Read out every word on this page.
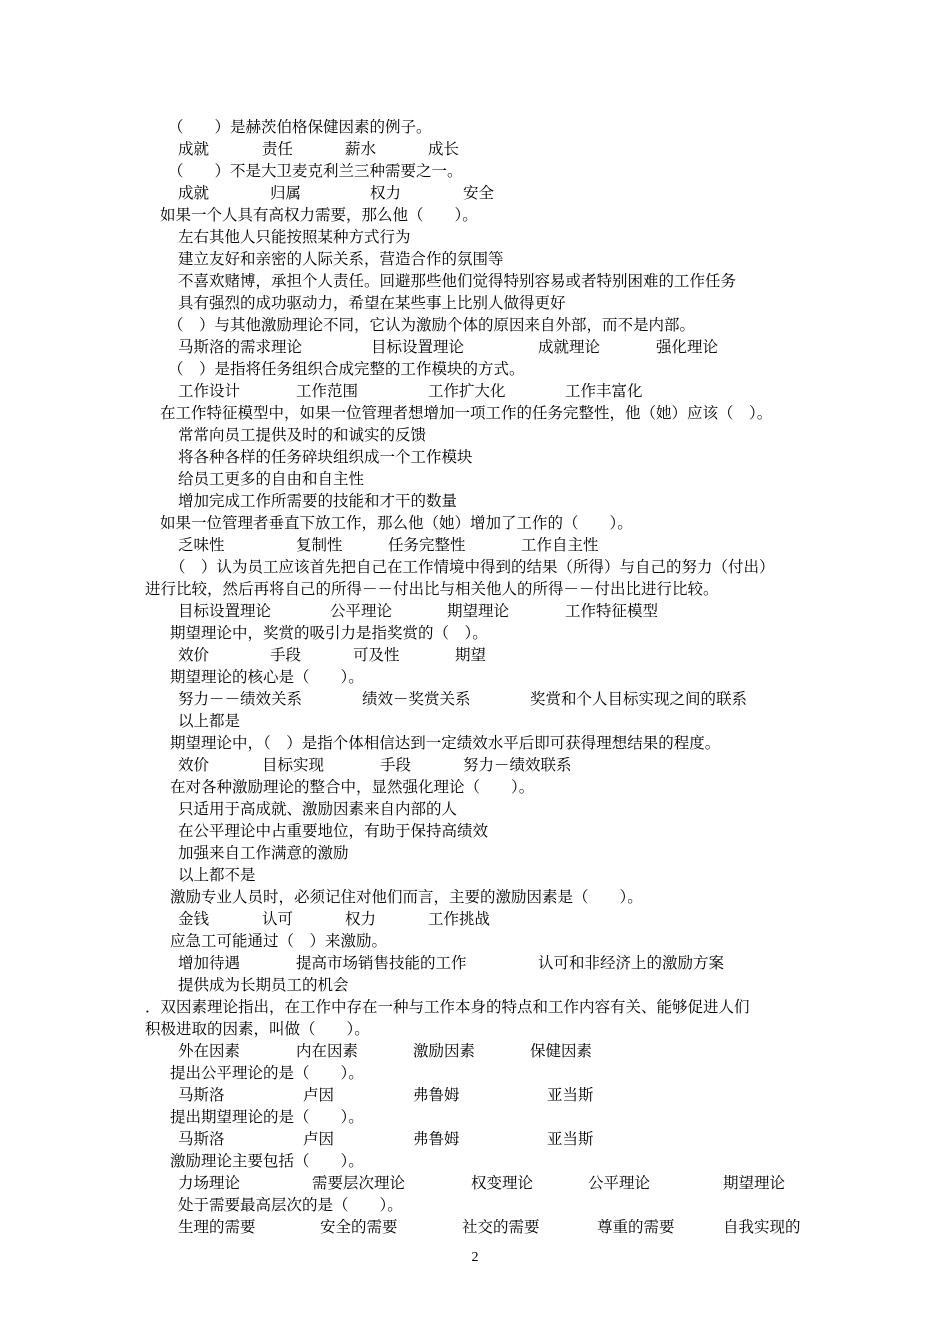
（　　）是赫茨伯格保健因素的例子。
成就	责任	薪水	成长
（　　）不是大卫麦克利兰三种需要之一。
成就	归属	权力	安全
如果一个人具有高权力需要，那么他（　　）。
左右其他人只能按照某种方式行为
建立友好和亲密的人际关系，营造合作的氛围等
不喜欢赌博，承担个人责任。回避那些他们觉得特别容易或者特别困难的工作任务
具有强烈的成功驱动力，希望在某些事上比别人做得更好
（　）与其他激励理论不同，它认为激励个体的原因来自外部，而不是内部。
马斯洛的需求理论	目标设置理论	成就理论	强化理论
（　）是指将任务组织合成完整的工作模块的方式。
工作设计	工作范围	工作扩大化	工作丰富化
在工作特征模型中，如果一位管理者想增加一项工作的任务完整性，他（她）应该（　）。
常常向员工提供及时的和诚实的反馈
将各种各样的任务碎块组织成一个工作模块
给员工更多的自由和自主性
增加完成工作所需要的技能和才干的数量
如果一位管理者垂直下放工作，那么他（她）增加了工作的（　　）。
乏味性	复制性	任务完整性	工作自主性
（　）认为员工应该首先把自己在工作情境中得到的结果（所得）与自己的努力（付出）
进行比较，然后再将自己的所得－－付出比与相关他人的所得－－付出比进行比较。
目标设置理论	公平理论	期望理论	工作特征模型
期望理论中，奖赏的吸引力是指奖赏的（　）。
效价	手段	可及性	期望
期望理论的核心是（　　）。
努力－－绩效关系	绩效－奖赏关系	奖赏和个人目标实现之间的联系
以上都是
期望理论中，（　）是指个体相信达到一定绩效水平后即可获得理想结果的程度。
效价	目标实现	手段	努力－绩效联系
在对各种激励理论的整合中，显然强化理论（　　）。
只适用于高成就、激励因素来自内部的人
在公平理论中占重要地位，有助于保持高绩效
加强来自工作满意的激励
以上都不是
激励专业人员时，必须记住对他们而言，主要的激励因素是（　　）。
金钱	认可	权力	工作挑战
应急工可能通过（　）来激励。
增加待遇	提高市场销售技能的工作	认可和非经济上的激励方案
提供成为长期员工的机会
．双因素理论指出，在工作中存在一种与工作本身的特点和工作内容有关、能够促进人们
积极进取的因素，叫做（　　）。
外在因素	内在因素	激励因素	保健因素
提出公平理论的是（　　）。
马斯洛	卢因	弗鲁姆	亚当斯
提出期望理论的是（　　）。
马斯洛	卢因	弗鲁姆	亚当斯
激励理论主要包括（　　）。
力场理论	需要层次理论	权变理论	公平理论	期望理论
处于需要最高层次的是（　　）。
生理的需要	安全的需要	社交的需要	尊重的需要	自我实现的
2
